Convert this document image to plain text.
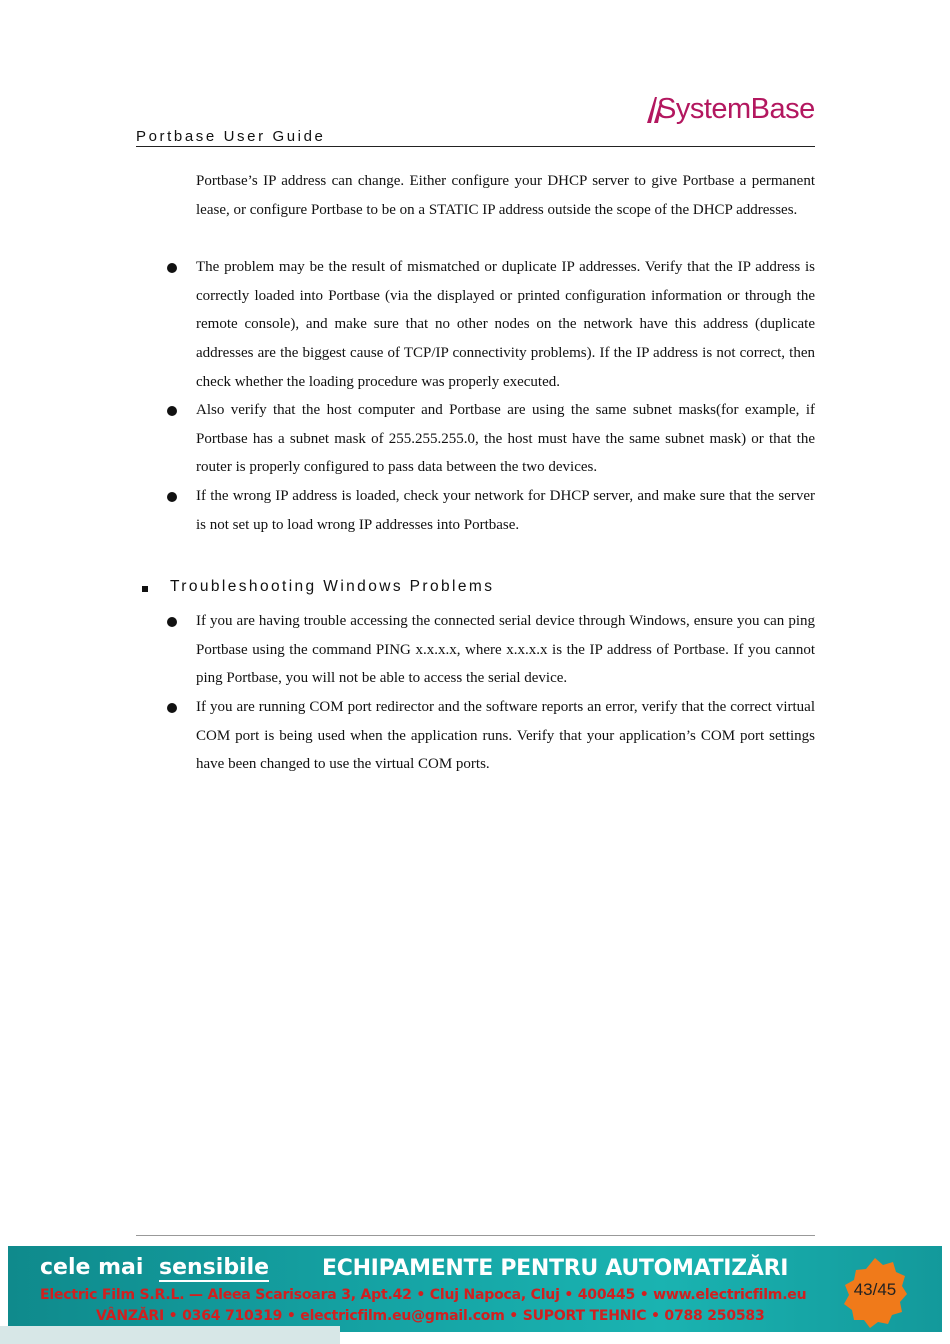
SystemBase
Portbase User Guide
Portbase’s IP address can change. Either configure your DHCP server to give Portbase a permanent lease, or configure Portbase to be on a STATIC IP address outside the scope of the DHCP addresses.
The problem may be the result of mismatched or duplicate IP addresses. Verify that the IP address is correctly loaded into Portbase (via the displayed or printed configuration information or through the remote console), and make sure that no other nodes on the network have this address (duplicate addresses are the biggest cause of TCP/IP connectivity problems). If the IP address is not correct, then check whether the loading procedure was properly executed.
Also verify that the host computer and Portbase are using the same subnet masks(for example, if Portbase has a subnet mask of 255.255.255.0, the host must have the same subnet mask) or that the router is properly configured to pass data between the two devices.
If the wrong IP address is loaded, check your network for DHCP server, and make sure that the server is not set up to load wrong IP addresses into Portbase.
Troubleshooting Windows Problems
If you are having trouble accessing the connected serial device through Windows, ensure you can ping Portbase using the command PING x.x.x.x, where x.x.x.x is the IP address of Portbase. If you cannot ping Portbase, you will not be able to access the serial device.
If you are running COM port redirector and the software reports an error, verify that the correct virtual COM port is being used when the application runs. Verify that your application’s COM port settings have been changed to use the virtual COM ports.
cele mai sensibile ECHIPAMENTE PENTRU AUTOMATIZĂRI
Electric Film S.R.L. — Aleea Scarisoara 3, Apt.42 • Cluj Napoca, Cluj • 400445 • www.electricfilm.eu
VÂNZĂRI • 0364 710319 • electricfilm.eu@gmail.com • SUPORT TEHNIC • 0788 250583
43/45
